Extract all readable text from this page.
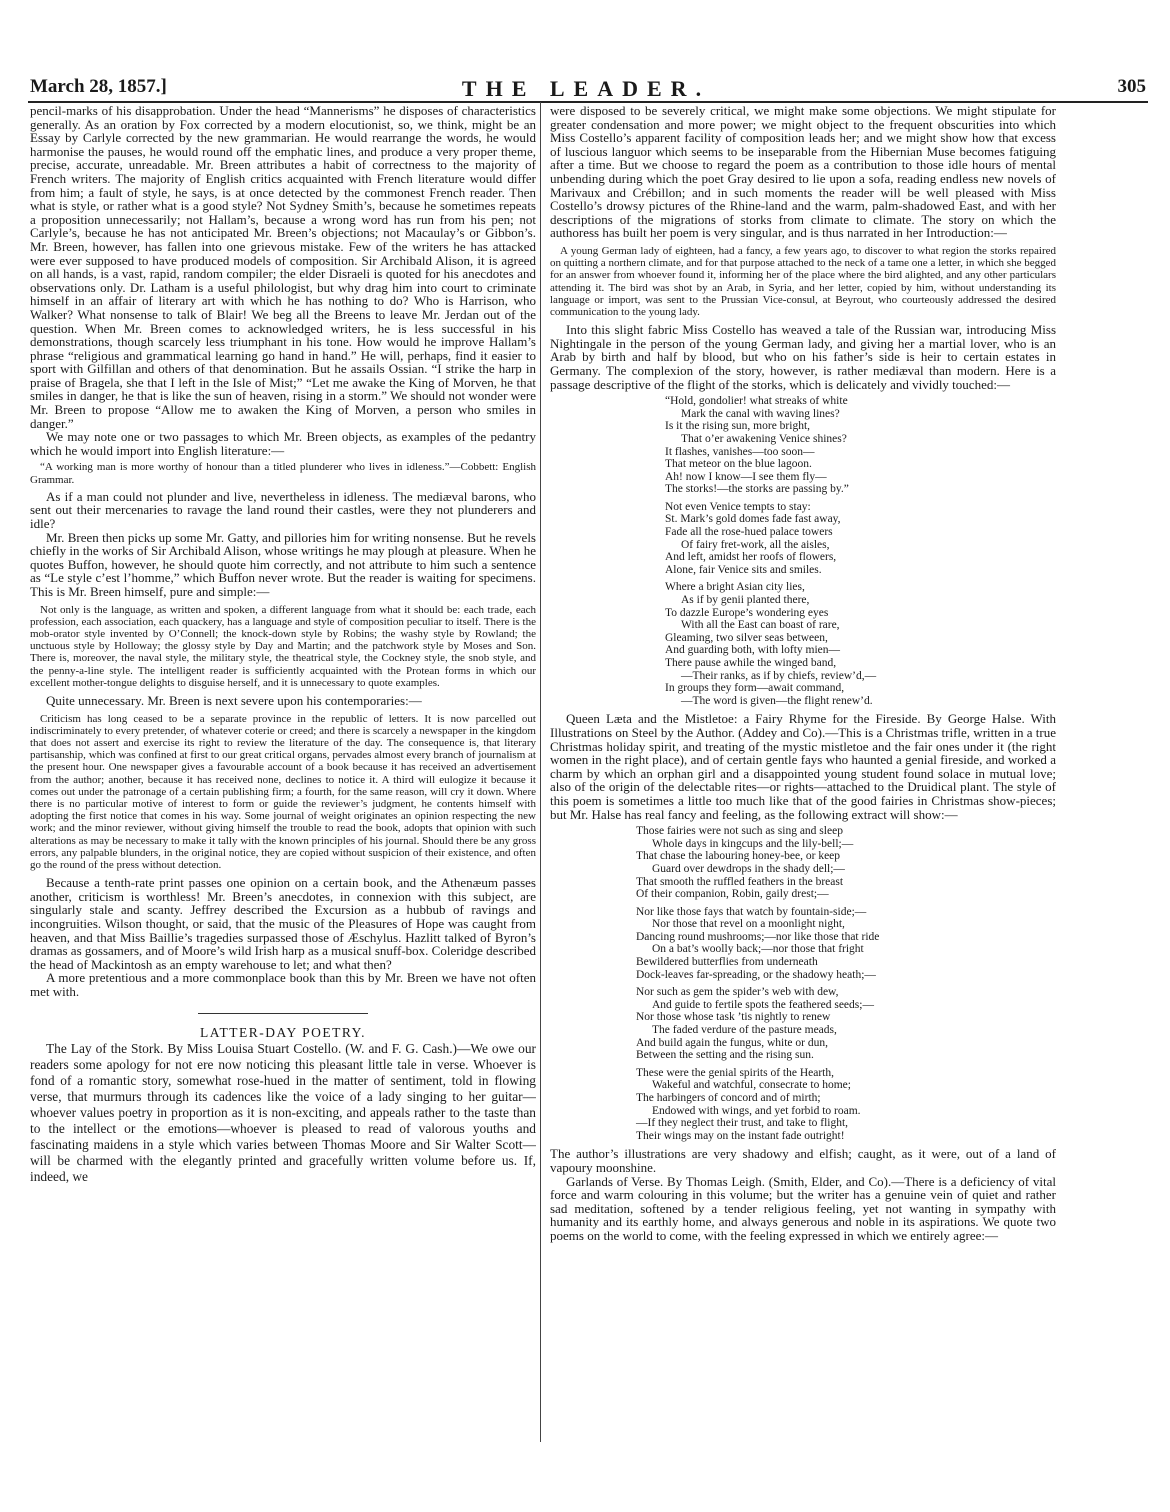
March 28, 1857.]	THE LEADER.	305

pencil-marks of his disapprobation. Under the head “Mannerisms” he disposes of characteristics generally. As an oration by Fox corrected by a modern elocutionist, so, we think, might be an Essay by Carlyle corrected by the new grammarian. He would rearrange the words, he would harmonise the pauses, he would round off the emphatic lines, and produce a very proper theme, precise, accurate, unreadable. Mr. Breen attributes a habit of correctness to the majority of French writers. The majority of English critics acquainted with French literature would differ from him; a fault of style, he says, is at once detected by the commonest French reader. Then what is style, or rather what is a good style? Not Sydney Smith’s, because he sometimes repeats a proposition unnecessarily; not Hallam’s, because a wrong word has run from his pen; not Carlyle’s, because he has not anticipated Mr. Breen’s objections; not Macaulay’s or Gibbon’s. Mr. Breen, however, has fallen into one grievous mistake. Few of the writers he has attacked were ever supposed to have produced models of composition. Sir Archibald Alison, it is agreed on all hands, is a vast, rapid, random compiler; the elder Disraeli is quoted for his anecdotes and observations only. Dr. Latham is a useful philologist, but why drag him into court to criminate himself in an affair of literary art with which he has nothing to do? Who is Harrison, who Walker? What nonsense to talk of Blair! We beg all the Breens to leave Mr. Jerdan out of the question. When Mr. Breen comes to acknowledged writers, he is less successful in his demonstrations, though scarcely less triumphant in his tone. How would he improve Hallam’s phrase “religious and grammatical learning go hand in hand.” He will, perhaps, find it easier to sport with Gilfillan and others of that denomination. But he assails Ossian. “I strike the harp in praise of Bragela, she that I left in the Isle of Mist;” “Let me awake the King of Morven, he that smiles in danger, he that is like the sun of heaven, rising in a storm.” We should not wonder were Mr. Breen to propose “Allow me to awaken the King of Morven, a person who smiles in danger.”

We may note one or two passages to which Mr. Breen objects, as examples of the pedantry which he would import into English literature:—

“A working man is more worthy of honour than a titled plunderer who lives in idleness.”—Cobbett: English Grammar.

As if a man could not plunder and live, nevertheless in idleness. The mediæval barons, who sent out their mercenaries to ravage the land round their castles, were they not plunderers and idle?

Mr. Breen then picks up some Mr. Gatty, and pillories him for writing nonsense. But he revels chiefly in the works of Sir Archibald Alison, whose writings he may plough at pleasure. When he quotes Buffon, however, he should quote him correctly, and not attribute to him such a sentence as “Le style c’est l’homme,” which Buffon never wrote. But the reader is waiting for specimens. This is Mr. Breen himself, pure and simple:—

Not only is the language, as written and spoken, a different language from what it should be: each trade, each profession, each association, each quackery, has a language and style of composition peculiar to itself. There is the mob-orator style invented by O’Connell; the knock-down style by Robins; the washy style by Rowland; the unctuous style by Holloway; the glossy style by Day and Martin; and the patchwork style by Moses and Son. There is, moreover, the naval style, the military style, the theatrical style, the Cockney style, the snob style, and the penny-a-line style. The intelligent reader is sufficiently acquainted with the Protean forms in which our excellent mother-tongue delights to disguise herself, and it is unnecessary to quote examples.

Quite unnecessary. Mr. Breen is next severe upon his contemporaries:—

Criticism has long ceased to be a separate province in the republic of letters. It is now parcelled out indiscriminately to every pretender, of whatever coterie or creed; and there is scarcely a newspaper in the kingdom that does not assert and exercise its right to review the literature of the day. The consequence is, that literary partisanship, which was confined at first to our great critical organs, pervades almost every branch of journalism at the present hour. One newspaper gives a favourable account of a book because it has received an advertisement from the author; another, because it has received none, declines to notice it. A third will eulogize it because it comes out under the patronage of a certain publishing firm; a fourth, for the same reason, will cry it down. Where there is no particular motive of interest to form or guide the reviewer’s judgment, he contents himself with adopting the first notice that comes in his way. Some journal of weight originates an opinion respecting the new work; and the minor reviewer, without giving himself the trouble to read the book, adopts that opinion with such alterations as may be necessary to make it tally with the known principles of his journal. Should there be any gross errors, any palpable blunders, in the original notice, they are copied without suspicion of their existence, and often go the round of the press without detection.

Because a tenth-rate print passes one opinion on a certain book, and the Athenæum passes another, criticism is worthless! Mr. Breen’s anecdotes, in connexion with this subject, are singularly stale and scanty. Jeffrey described the Excursion as a hubbub of ravings and incongruities. Wilson thought, or said, that the music of the Pleasures of Hope was caught from heaven, and that Miss Baillie’s tragedies surpassed those of Æschylus. Hazlitt talked of Byron’s dramas as gossamers, and of Moore’s wild Irish harp as a musical snuff-box. Coleridge described the head of Mackintosh as an empty warehouse to let; and what then?

A more pretentious and a more commonplace book than this by Mr. Breen we have not often met with.

LATTER-DAY POETRY.

The Lay of the Stork. By Miss Louisa Stuart Costello. (W. and F. G. Cash.)—We owe our readers some apology for not ere now noticing this pleasant little tale in verse. Whoever is fond of a romantic story, somewhat rose-hued in the matter of sentiment, told in flowing verse, that murmurs through its cadences like the voice of a lady singing to her guitar—whoever values poetry in proportion as it is non-exciting, and appeals rather to the taste than to the intellect or the emotions—whoever is pleased to read of valorous youths and fascinating maidens in a style which varies between Thomas Moore and Sir Walter Scott—will be charmed with the elegantly printed and gracefully written volume before us. If, indeed, we

were disposed to be severely critical, we might make some objections. We might stipulate for greater condensation and more power; we might object to the frequent obscurities into which Miss Costello’s apparent facility of composition leads her; and we might show how that excess of luscious languor which seems to be inseparable from the Hibernian Muse becomes fatiguing after a time. But we choose to regard the poem as a contribution to those idle hours of mental unbending during which the poet Gray desired to lie upon a sofa, reading endless new novels of Marivaux and Crébillon; and in such moments the reader will be well pleased with Miss Costello’s drowsy pictures of the Rhine-land and the warm, palm-shadowed East, and with her descriptions of the migrations of storks from climate to climate. The story on which the authoress has built her poem is very singular, and is thus narrated in her Introduction:—

A young German lady of eighteen, had a fancy, a few years ago, to discover to what region the storks repaired on quitting a northern climate, and for that purpose attached to the neck of a tame one a letter, in which she begged for an answer from whoever found it, informing her of the place where the bird alighted, and any other particulars attending it. The bird was shot by an Arab, in Syria, and her letter, copied by him, without understanding its language or import, was sent to the Prussian Vice-consul, at Beyrout, who courteously addressed the desired communication to the young lady.

Into this slight fabric Miss Costello has weaved a tale of the Russian war, introducing Miss Nightingale in the person of the young German lady, and giving her a martial lover, who is an Arab by birth and half by blood, but who on his father’s side is heir to certain estates in Germany. The complexion of the story, however, is rather mediæval than modern. Here is a passage descriptive of the flight of the storks, which is delicately and vividly touched:—

“Hold, gondolier! what streaks of white
Mark the canal with waving lines?
Is it the rising sun, more bright,
That o’er awakening Venice shines?
It flashes, vanishes—too soon—
That meteor on the blue lagoon.
Ah! now I know—I see them fly—
The storks!—the storks are passing by.”
Not even Venice tempts to stay:
St. Mark’s gold domes fade fast away,
Fade all the rose-hued palace towers
Of fairy fret-work, all the aisles,
And left, amidst her roofs of flowers,
Alone, fair Venice sits and smiles.
Where a bright Asian city lies,
As if by genii planted there,
To dazzle Europe’s wondering eyes
With all the East can boast of rare,
Gleaming, two silver seas between,
And guarding both, with lofty mien—
There pause awhile the winged band,
—Their ranks, as if by chiefs, review’d,—
In groups they form—await command,
—The word is given—the flight renew’d.

Queen Læta and the Mistletoe: a Fairy Rhyme for the Fireside. By George Halse. With Illustrations on Steel by the Author. (Addey and Co).—This is a Christmas trifle, written in a true Christmas holiday spirit, and treating of the mystic mistletoe and the fair ones under it (the right women in the right place), and of certain gentle fays who haunted a genial fireside, and worked a charm by which an orphan girl and a disappointed young student found solace in mutual love; also of the origin of the delectable rites—or rights—attached to the Druidical plant. The style of this poem is sometimes a little too much like that of the good fairies in Christmas show-pieces; but Mr. Halse has real fancy and feeling, as the following extract will show:—

Those fairies were not such as sing and sleep
Whole days in kingcups and the lily-bell;—
That chase the labouring honey-bee, or keep
Guard over dewdrops in the shady dell;—
That smooth the ruffled feathers in the breast
Of their companion, Robin, gaily drest;—
Nor like those fays that watch by fountain-side;—
Nor those that revel on a moonlight night,
Dancing round mushrooms;—nor like those that ride
On a bat’s woolly back;—nor those that fright
Bewildered butterflies from underneath
Dock-leaves far-spreading, or the shadowy heath;—
Nor such as gem the spider’s web with dew,
And guide to fertile spots the feathered seeds;—
Nor those whose task ’tis nightly to renew
The faded verdure of the pasture meads,
And build again the fungus, white or dun,
Between the setting and the rising sun.
These were the genial spirits of the Hearth,
Wakeful and watchful, consecrate to home;
The harbingers of concord and of mirth;
Endowed with wings, and yet forbid to roam.
—If they neglect their trust, and take to flight,
Their wings may on the instant fade outright!

The author’s illustrations are very shadowy and elfish; caught, as it were, out of a land of vapoury moonshine.

Garlands of Verse. By Thomas Leigh. (Smith, Elder, and Co).—There is a deficiency of vital force and warm colouring in this volume; but the writer has a genuine vein of quiet and rather sad meditation, softened by a tender religious feeling, yet not wanting in sympathy with humanity and its earthly home, and always generous and noble in its aspirations. We quote two poems on the world to come, with the feeling expressed in which we entirely agree:—
